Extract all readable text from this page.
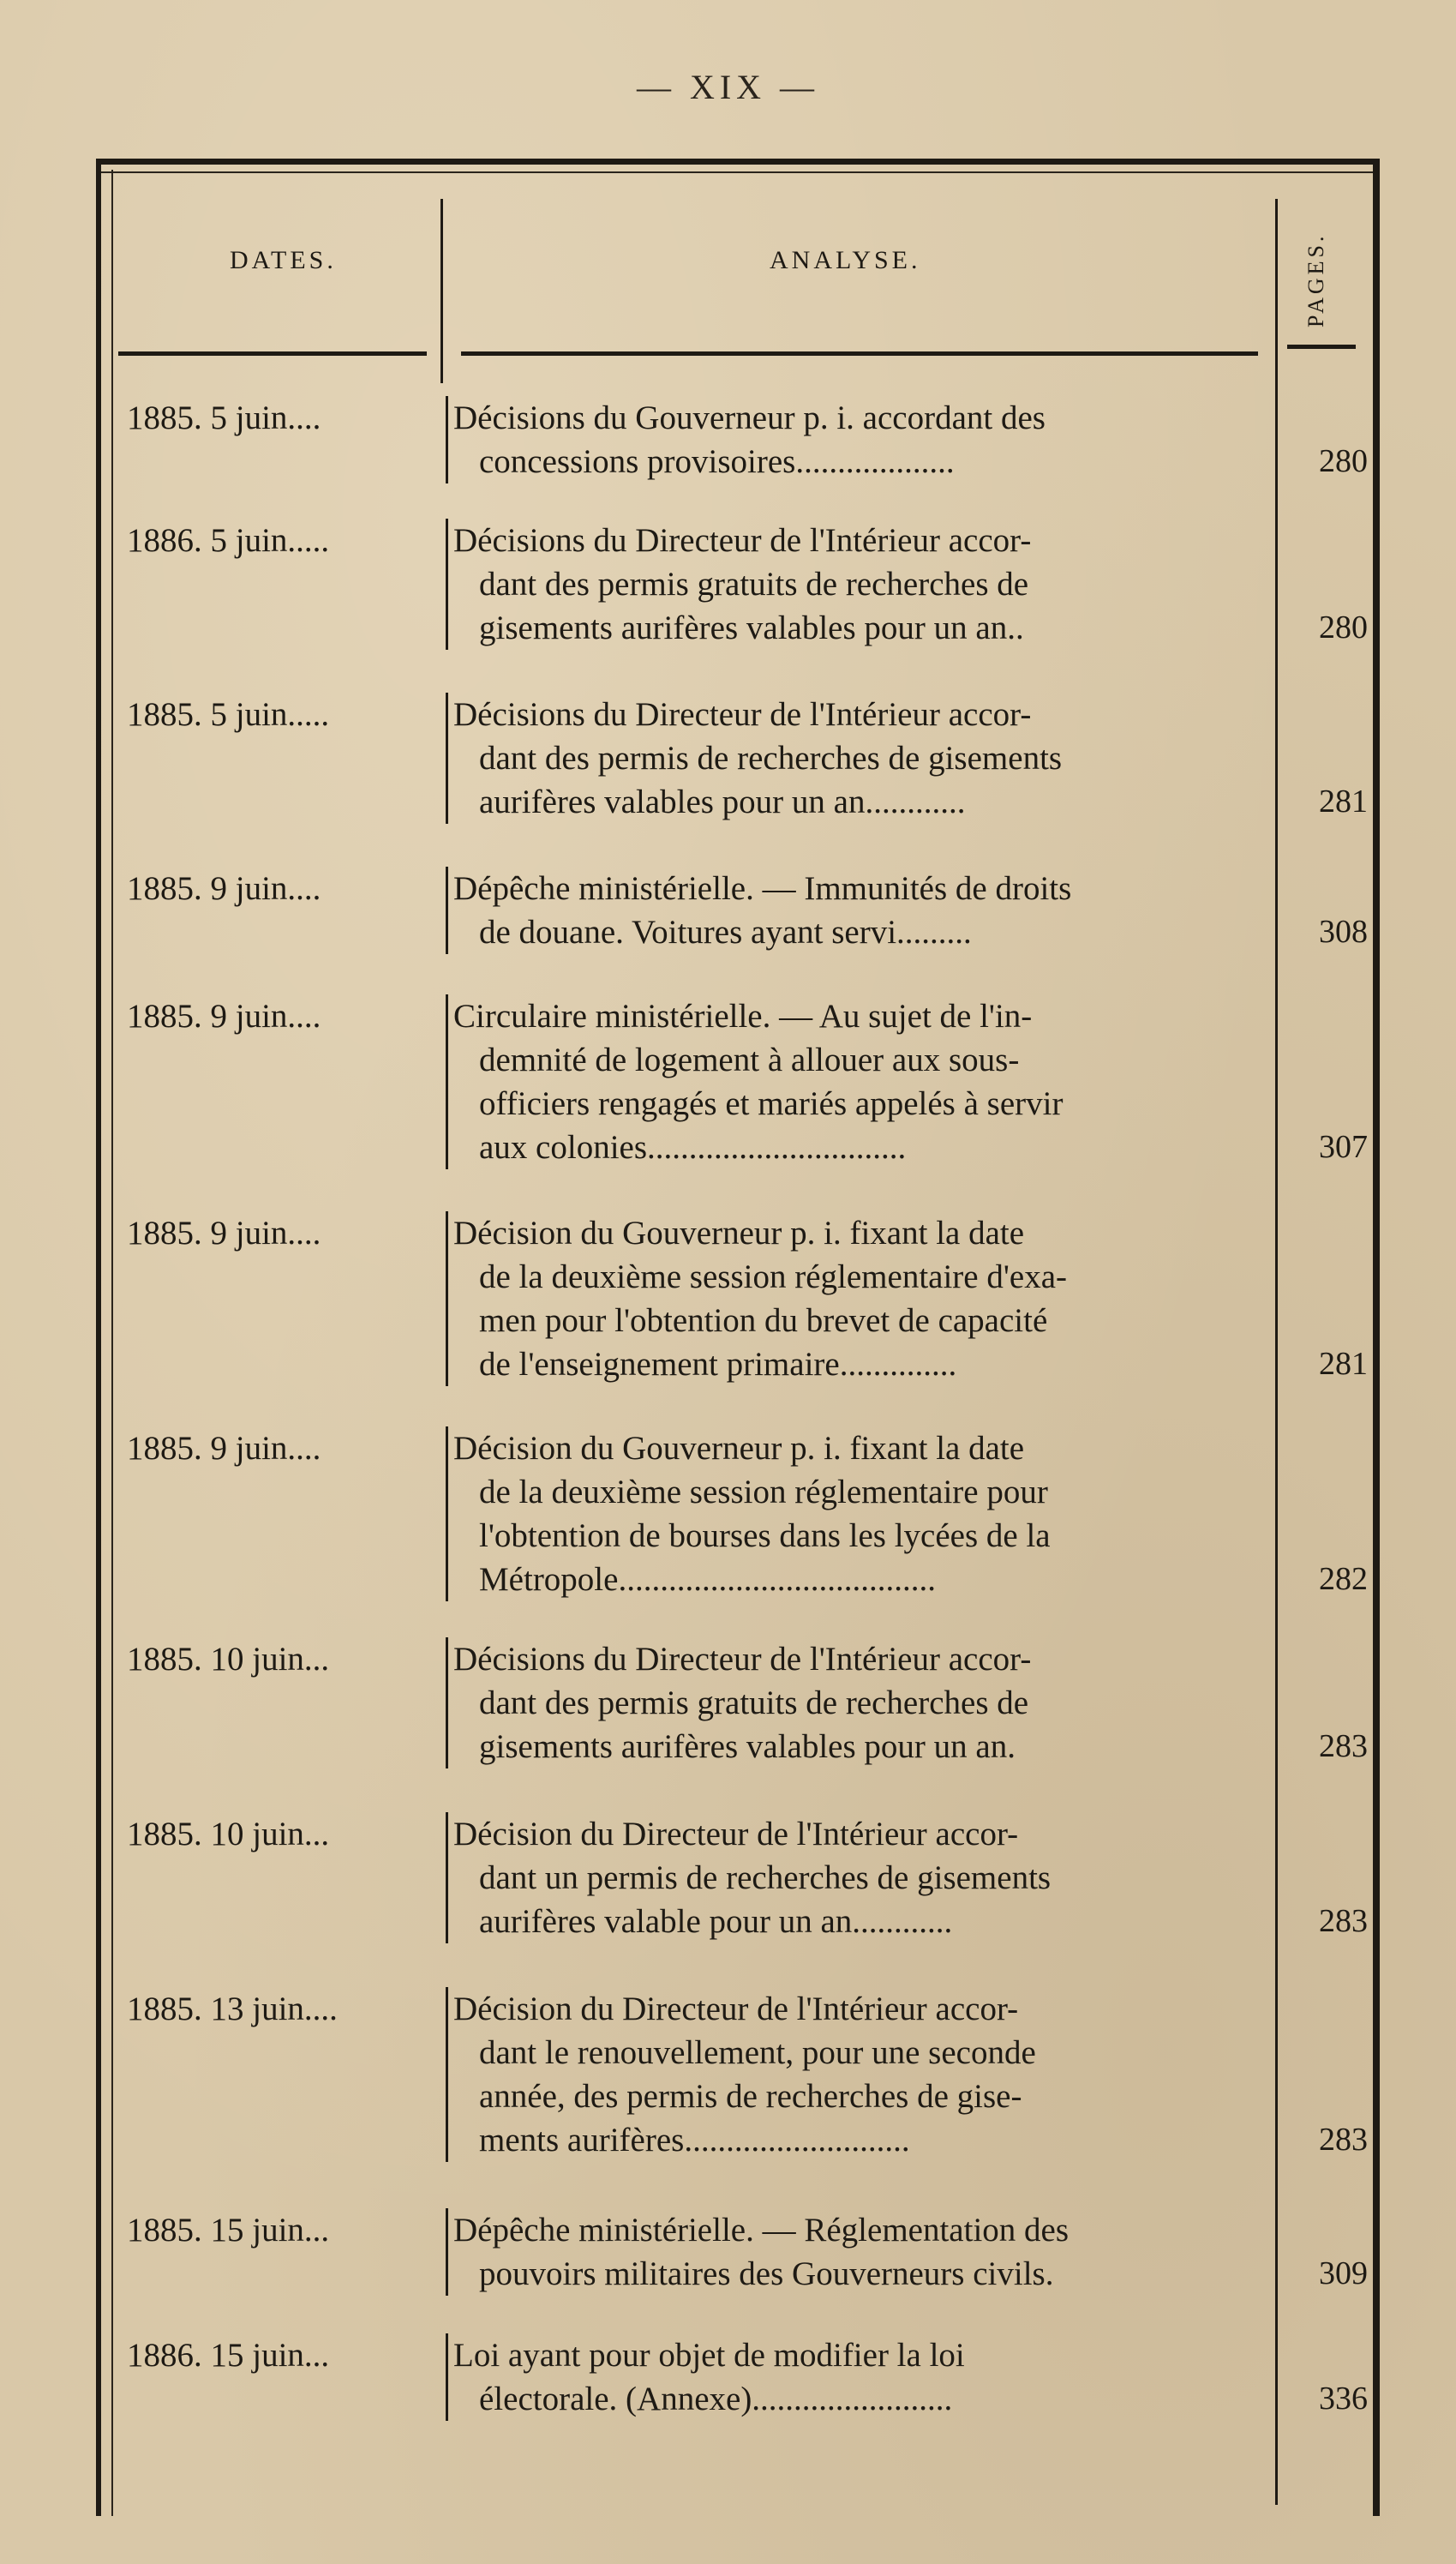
— XIX —
DATES.	ANALYSE.	PAGES.
1885. 5 juin....	Décisions du Gouverneur p. i. accordant des
concessions provisoires...................	280
1886. 5 juin.....	Décisions du Directeur de l'Intérieur accor-
dant des permis gratuits de recherches de
gisements aurifères valables pour un an..	280
1885. 5 juin.....	Décisions du Directeur de l'Intérieur accor-
dant des permis de recherches de gisements
aurifères valables pour un an............	281
1885. 9 juin....	Dépêche ministérielle. — Immunités de droits
de douane. Voitures ayant servi.........	308
1885. 9 juin....	Circulaire ministérielle. — Au sujet de l'in-
demnité de logement à allouer aux sous-
officiers rengagés et mariés appelés à servir
aux colonies...............................	307
1885. 9 juin....	Décision du Gouverneur p. i. fixant la date
de la deuxième session réglementaire d'exa-
men pour l'obtention du brevet de capacité
de l'enseignement primaire..............	281
1885. 9 juin....	Décision du Gouverneur p. i. fixant la date
de la deuxième session réglementaire pour
l'obtention de bourses dans les lycées de la
Métropole......................................	282
1885. 10 juin...	Décisions du Directeur de l'Intérieur accor-
dant des permis gratuits de recherches de
gisements aurifères valables pour un an.	283
1885. 10 juin...	Décision du Directeur de l'Intérieur accor-
dant un permis de recherches de gisements
aurifères valable pour un an............	283
1885. 13 juin....	Décision du Directeur de l'Intérieur accor-
dant le renouvellement, pour une seconde
année, des permis de recherches de gise-
ments aurifères...........................	283
1885. 15 juin...	Dépêche ministérielle. — Réglementation des
pouvoirs militaires des Gouverneurs civils.	309
1886. 15 juin...	Loi ayant pour objet de modifier la loi
électorale. (Annexe)........................	336
